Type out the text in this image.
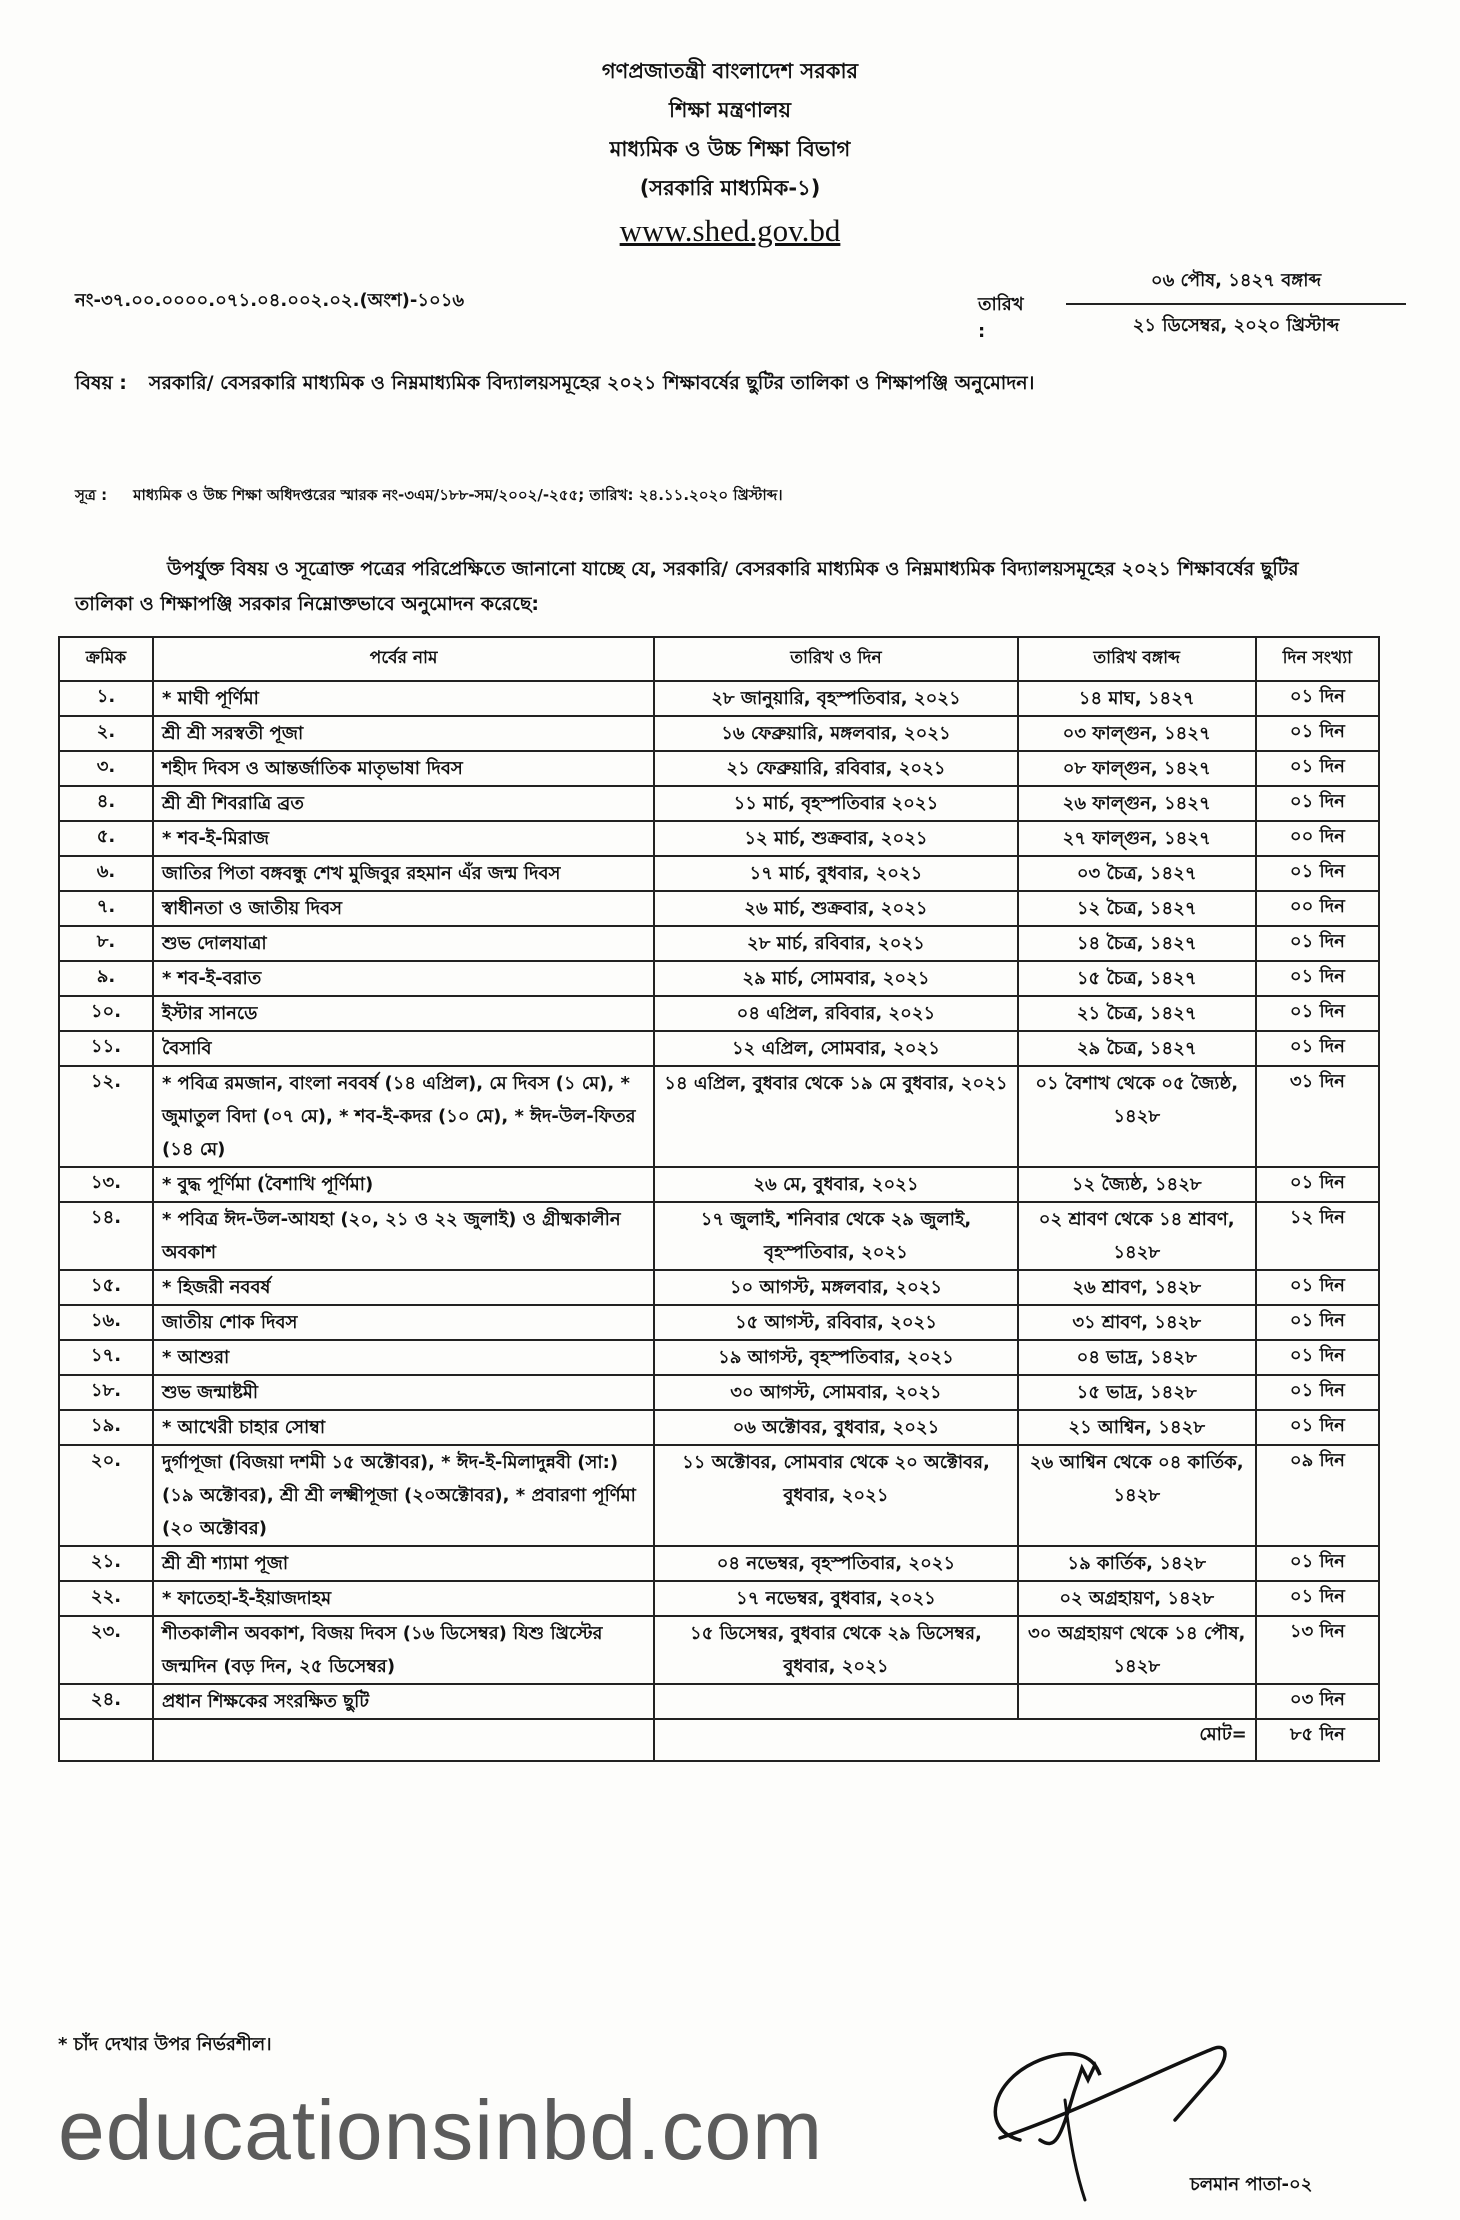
গণপ্রজাতন্ত্রী বাংলাদেশ সরকার
শিক্ষা মন্ত্রণালয়
মাধ্যমিক ও উচ্চ শিক্ষা বিভাগ
(সরকারি মাধ্যমিক-১)
www.shed.gov.bd
নং-৩৭.০০.০০০০.০৭১.০৪.০০২.০২.(অংশ)-১০১৬	তারিখ :
০৬ পৌষ, ১৪২৭ বঙ্গাব্দ
২১ ডিসেম্বর, ২০২০ খ্রিস্টাব্দ
বিষয় : সরকারি/ বেসরকারি মাধ্যমিক ও নিম্নমাধ্যমিক বিদ্যালয়সমূহের ২০২১ শিক্ষাবর্ষের ছুটির তালিকা ও শিক্ষাপঞ্জি অনুমোদন।
সূত্র : মাধ্যমিক ও উচ্চ শিক্ষা অধিদপ্তরের স্মারক নং-৩এম/১৮৮-সম/২০০২/-২৫৫; তারিখ: ২৪.১১.২০২০ খ্রিস্টাব্দ।
উপর্যুক্ত বিষয় ও সূত্রোক্ত পত্রের পরিপ্রেক্ষিতে জানানো যাচ্ছে যে, সরকারি/ বেসরকারি মাধ্যমিক ও নিম্নমাধ্যমিক বিদ্যালয়সমূহের ২০২১ শিক্ষাবর্ষের ছুটির তালিকা ও শিক্ষাপঞ্জি সরকার নিম্নোক্তভাবে অনুমোদন করেছে:
ক্রমিক	পর্বের নাম	তারিখ ও দিন	তারিখ বঙ্গাব্দ	দিন সংখ্যা
১.	* মাঘী পূর্ণিমা	২৮ জানুয়ারি, বৃহস্পতিবার, ২০২১	১৪ মাঘ, ১৪২৭	০১ দিন
২.	শ্রী শ্রী সরস্বতী পূজা	১৬ ফেব্রুয়ারি, মঙ্গলবার, ২০২১	০৩ ফাল্গুন, ১৪২৭	০১ দিন
৩.	শহীদ দিবস ও আন্তর্জাতিক মাতৃভাষা দিবস	২১ ফেব্রুয়ারি, রবিবার, ২০২১	০৮ ফাল্গুন, ১৪২৭	০১ দিন
৪.	শ্রী শ্রী শিবরাত্রি ব্রত	১১ মার্চ, বৃহস্পতিবার ২০২১	২৬ ফাল্গুন, ১৪২৭	০১ দিন
৫.	* শব-ই-মিরাজ	১২ মার্চ, শুক্রবার, ২০২১	২৭ ফাল্গুন, ১৪২৭	০০ দিন
৬.	জাতির পিতা বঙ্গবন্ধু শেখ মুজিবুর রহমান এঁর জন্ম দিবস	১৭ মার্চ, বুধবার, ২০২১	০৩ চৈত্র, ১৪২৭	০১ দিন
৭.	স্বাধীনতা ও জাতীয় দিবস	২৬ মার্চ, শুক্রবার, ২০২১	১২ চৈত্র, ১৪২৭	০০ দিন
৮.	শুভ দোলযাত্রা	২৮ মার্চ, রবিবার, ২০২১	১৪ চৈত্র, ১৪২৭	০১ দিন
৯.	* শব-ই-বরাত	২৯ মার্চ, সোমবার, ২০২১	১৫ চৈত্র, ১৪২৭	০১ দিন
১০.	ইস্টার সানডে	০৪ এপ্রিল, রবিবার, ২০২১	২১ চৈত্র, ১৪২৭	০১ দিন
১১.	বৈসাবি	১২ এপ্রিল, সোমবার, ২০২১	২৯ চৈত্র, ১৪২৭	০১ দিন
১২.	* পবিত্র রমজান, বাংলা নববর্ষ (১৪ এপ্রিল), মে দিবস (১ মে), * জুমাতুল বিদা (০৭ মে), * শব-ই-কদর (১০ মে), * ঈদ-উল-ফিতর (১৪ মে)	১৪ এপ্রিল, বুধবার থেকে ১৯ মে বুধবার, ২০২১	০১ বৈশাখ থেকে ০৫ জ্যৈষ্ঠ, ১৪২৮	৩১ দিন
১৩.	* বুদ্ধ পূর্ণিমা (বৈশাখি পূর্ণিমা)	২৬ মে, বুধবার, ২০২১	১২ জ্যৈষ্ঠ, ১৪২৮	০১ দিন
১৪.	* পবিত্র ঈদ-উল-আযহা (২০, ২১ ও ২২ জুলাই) ও গ্রীষ্মকালীন অবকাশ	১৭ জুলাই, শনিবার থেকে ২৯ জুলাই, বৃহস্পতিবার, ২০২১	০২ শ্রাবণ থেকে ১৪ শ্রাবণ, ১৪২৮	১২ দিন
১৫.	* হিজরী নববর্ষ	১০ আগস্ট, মঙ্গলবার, ২০২১	২৬ শ্রাবণ, ১৪২৮	০১ দিন
১৬.	জাতীয় শোক দিবস	১৫ আগস্ট, রবিবার, ২০২১	৩১ শ্রাবণ, ১৪২৮	০১ দিন
১৭.	* আশুরা	১৯ আগস্ট, বৃহস্পতিবার, ২০২১	০৪ ভাদ্র, ১৪২৮	০১ দিন
১৮.	শুভ জন্মাষ্টমী	৩০ আগস্ট, সোমবার, ২০২১	১৫ ভাদ্র, ১৪২৮	০১ দিন
১৯.	* আখেরী চাহার সোম্বা	০৬ অক্টোবর, বুধবার, ২০২১	২১ আশ্বিন, ১৪২৮	০১ দিন
২০.	দুর্গাপূজা (বিজয়া দশমী ১৫ অক্টোবর), * ঈদ-ই-মিলাদুন্নবী (সা:) (১৯ অক্টোবর), শ্রী শ্রী লক্ষ্মীপূজা (২০অক্টোবর), * প্রবারণা পূর্ণিমা (২০ অক্টোবর)	১১ অক্টোবর, সোমবার থেকে ২০ অক্টোবর, বুধবার, ২০২১	২৬ আশ্বিন থেকে ০৪ কার্তিক, ১৪২৮	০৯ দিন
২১.	শ্রী শ্রী শ্যামা পূজা	০৪ নভেম্বর, বৃহস্পতিবার, ২০২১	১৯ কার্তিক, ১৪২৮	০১ দিন
২২.	* ফাতেহা-ই-ইয়াজদাহম	১৭ নভেম্বর, বুধবার, ২০২১	০২ অগ্রহায়ণ, ১৪২৮	০১ দিন
২৩.	শীতকালীন অবকাশ, বিজয় দিবস (১৬ ডিসেম্বর) যিশু খ্রিস্টের জন্মদিন (বড় দিন, ২৫ ডিসেম্বর)	১৫ ডিসেম্বর, বুধবার থেকে ২৯ ডিসেম্বর, বুধবার, ২০২১	৩০ অগ্রহায়ণ থেকে ১৪ পৌষ, ১৪২৮	১৩ দিন
২৪.	প্রধান শিক্ষকের সংরক্ষিত ছুটি			০৩ দিন
		মোট=		৮৫ দিন
* চাঁদ দেখার উপর নির্ভরশীল।
educationsinbd.com
চলমান পাতা-০২
